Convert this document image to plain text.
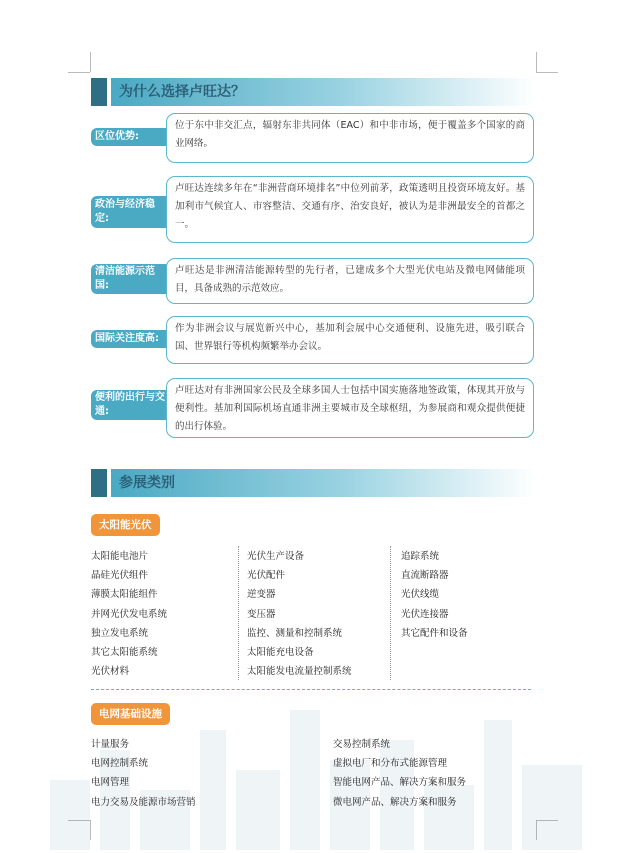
为什么选择卢旺达？
区位优势:
位于东中非交汇点，辐射东非共同体（EAC）和中非市场，便于覆盖多个国家的商业网络。
政治与经济稳定:
卢旺达连续多年在“非洲营商环境排名”中位列前茅，政策透明且投资环境友好。基加利市气候宜人、市容整洁、交通有序、治安良好，被认为是非洲最安全的首都之一。
清洁能源示范国:
卢旺达是非洲清洁能源转型的先行者，已建成多个大型光伏电站及微电网储能项目，具备成熟的示范效应。
国际关注度高:
作为非洲会议与展览新兴中心，基加利会展中心交通便利、设施先进，吸引联合国、世界银行等机构频繁举办会议。
便利的出行与交通:
卢旺达对有非洲国家公民及全球多国人士包括中国实施落地签政策，体现其开放与便利性。基加利国际机场直通非洲主要城市及全球枢纽，为参展商和观众提供便捷的出行体验。
参展类别
太阳能光伏
太阳能电池片
晶硅光伏组件
薄膜太阳能组件
并网光伏发电系统
独立发电系统
其它太阳能系统
光伏材料
光伏生产设备
光伏配件
逆变器
变压器
监控、测量和控制系统
太阳能充电设备
太阳能发电流量控制系统
追踪系统
直流断路器
光伏线缆
光伏连接器
其它配件和设备
电网基础设施
计量服务
电网控制系统
电网管理
电力交易及能源市场营销
交易控制系统
虚拟电厂和分布式能源管理
智能电网产品、解决方案和服务
微电网产品、解决方案和服务
